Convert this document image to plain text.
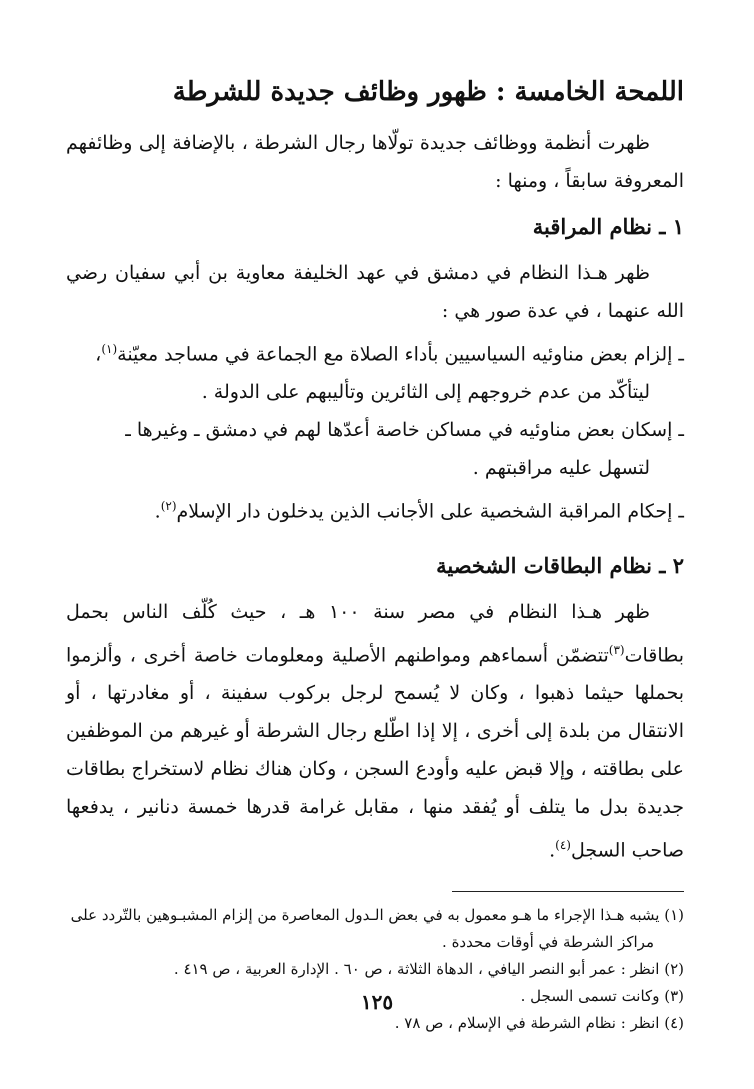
اللمحة الخامسة : ظهور وظائف جديدة للشرطة

ظهرت أنظمة ووظائف جديدة تولّاها رجال الشرطة ، بالإضافة إلى وظائفهم المعروفة سابقاً ، ومنها :

١ ـ نظام المراقبة

ظهر هـذا النظام في دمشق في عهد الخليفة معاوية بن أبي سفيان رضي الله عنهما ، في عدة صور هي :

ـ إلزام بعض مناوئيه السياسيين بأداء الصلاة مع الجماعة في مساجد معيّنة$^{(١)}$،
ليتأكّد من عدم خروجهم إلى الثائرين وتأليبهم على الدولة .
ـ إسكان بعض مناوئيه في مساكن خاصة أعدّها لهم في دمشق ـ وغيرها ـ
لتسهل عليه مراقبتهم .
ـ إحكام المراقبة الشخصية على الأجانب الذين يدخلون دار الإسلام$^{(٢)}$.
٢ ـ نظام البطاقات الشخصية

ظهر هـذا النظام في مصر سنة ١٠٠ هـ ، حيث كُلّف الناس بحمل بطاقات$^{(٣)}$تتضمّن أسماءهم ومواطنهم الأصلية ومعلومات خاصة أخرى ، وألزموا بحملها حيثما ذهبوا ، وكان لا يُسمح لرجل بركوب سفينة ، أو مغادرتها ، أو الانتقال من بلدة إلى أخرى ، إلا إذا اطّلع رجال الشرطة أو غيرهم من الموظفين على بطاقته ، وإلا قبض عليه وأودع السجن ، وكان هناك نظام لاستخراج بطاقات جديدة بدل ما يتلف أو يُفقد منها ، مقابل غرامة قدرها خمسة دنانير ، يدفعها صاحب السجل$^{(٤)}$.

(١) يشبه هـذا الإجراء ما هـو معمول به في بعض الـدول المعاصرة من إلزام المشبـوهين بالتّردد على
مراكز الشرطة في أوقات محددة .
(٢) انظر : عمر أبو النصر اليافي ، الدهاة الثلاثة ، ص ٦٠ . الإدارة العربية ، ص ٤١٩ .
(٣) وكانت تسمى السجل .
(٤) انظر : نظام الشرطة في الإسلام ، ص ٧٨ .
١٢٥
